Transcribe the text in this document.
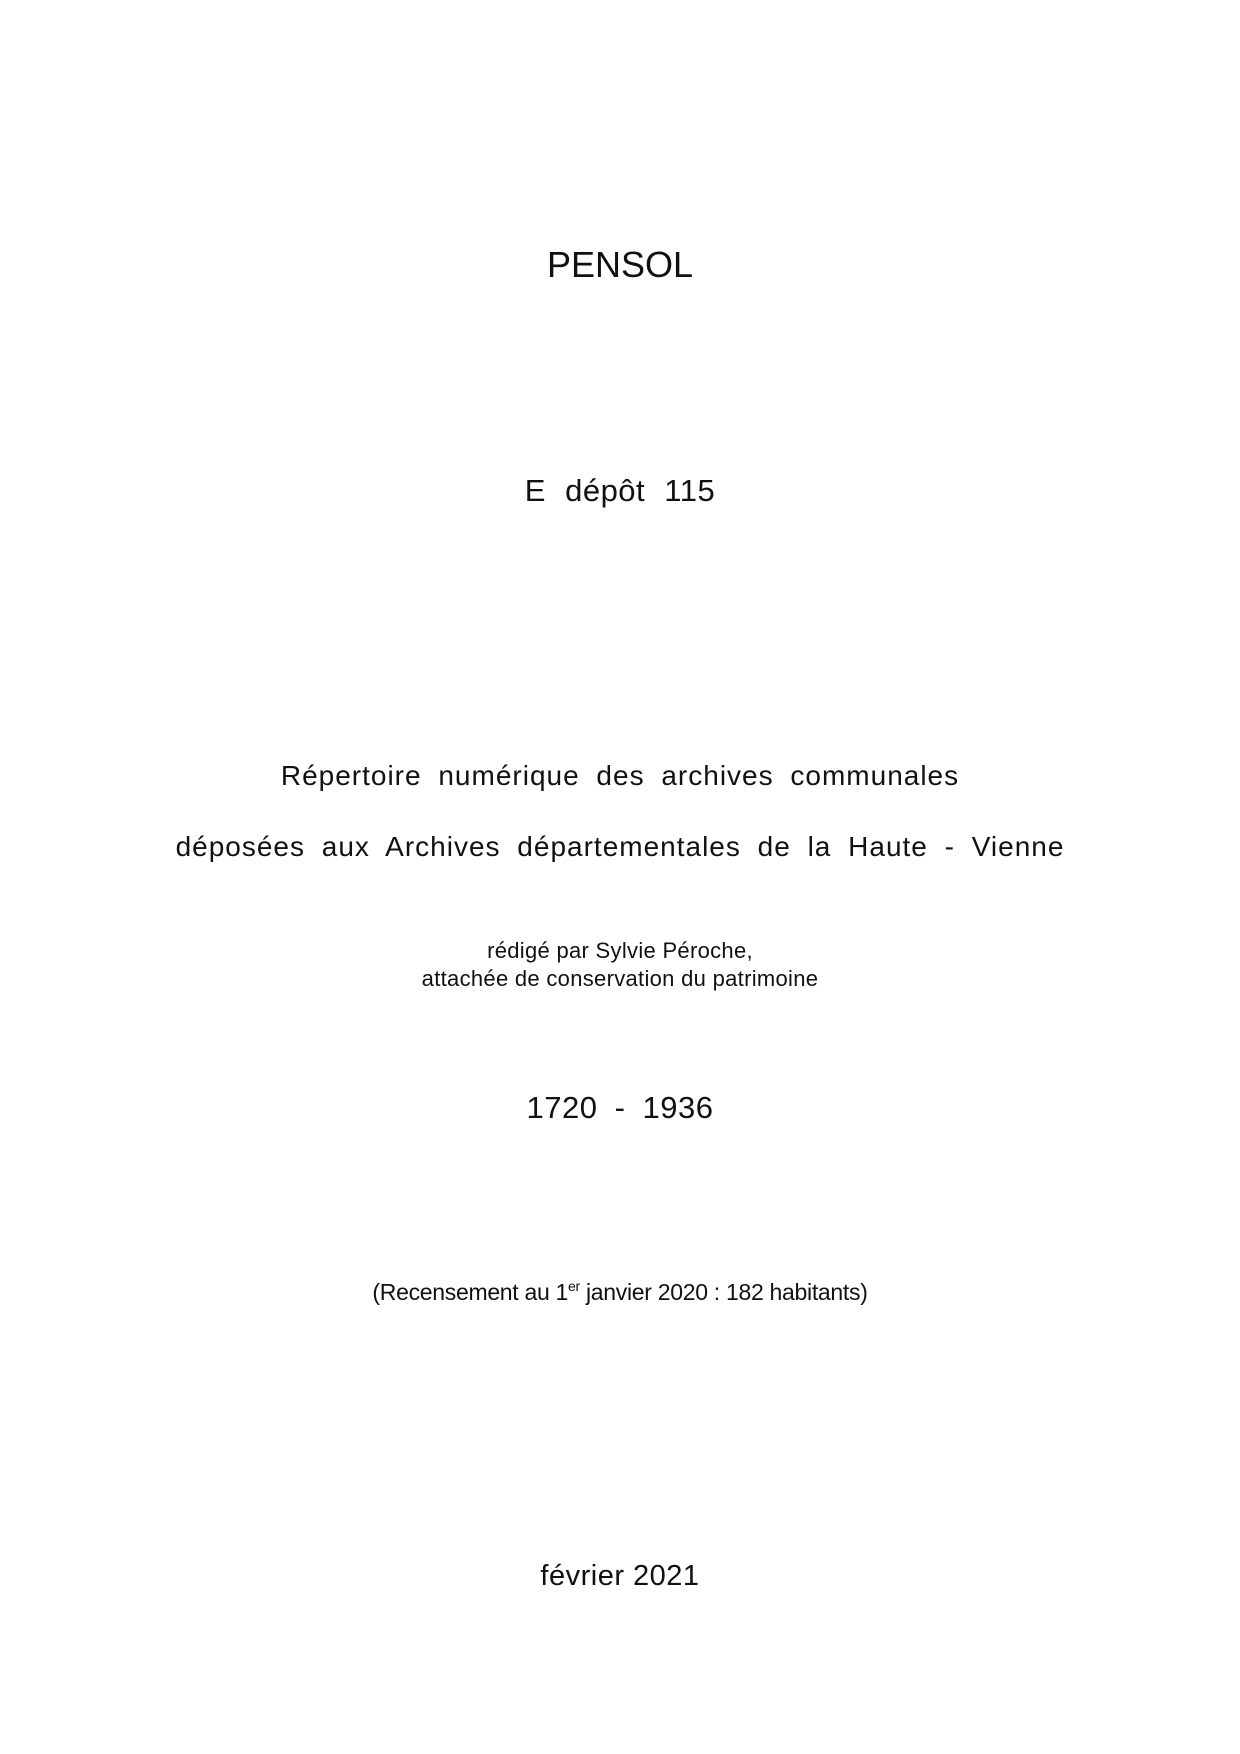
PENSOL
E dépôt 115
Répertoire numérique des archives communales
déposées aux Archives départementales de la Haute - Vienne
rédigé par Sylvie Péroche,
attachée de conservation du patrimoine
1720 - 1936
(Recensement au 1er janvier 2020 : 182 habitants)
février 2021
